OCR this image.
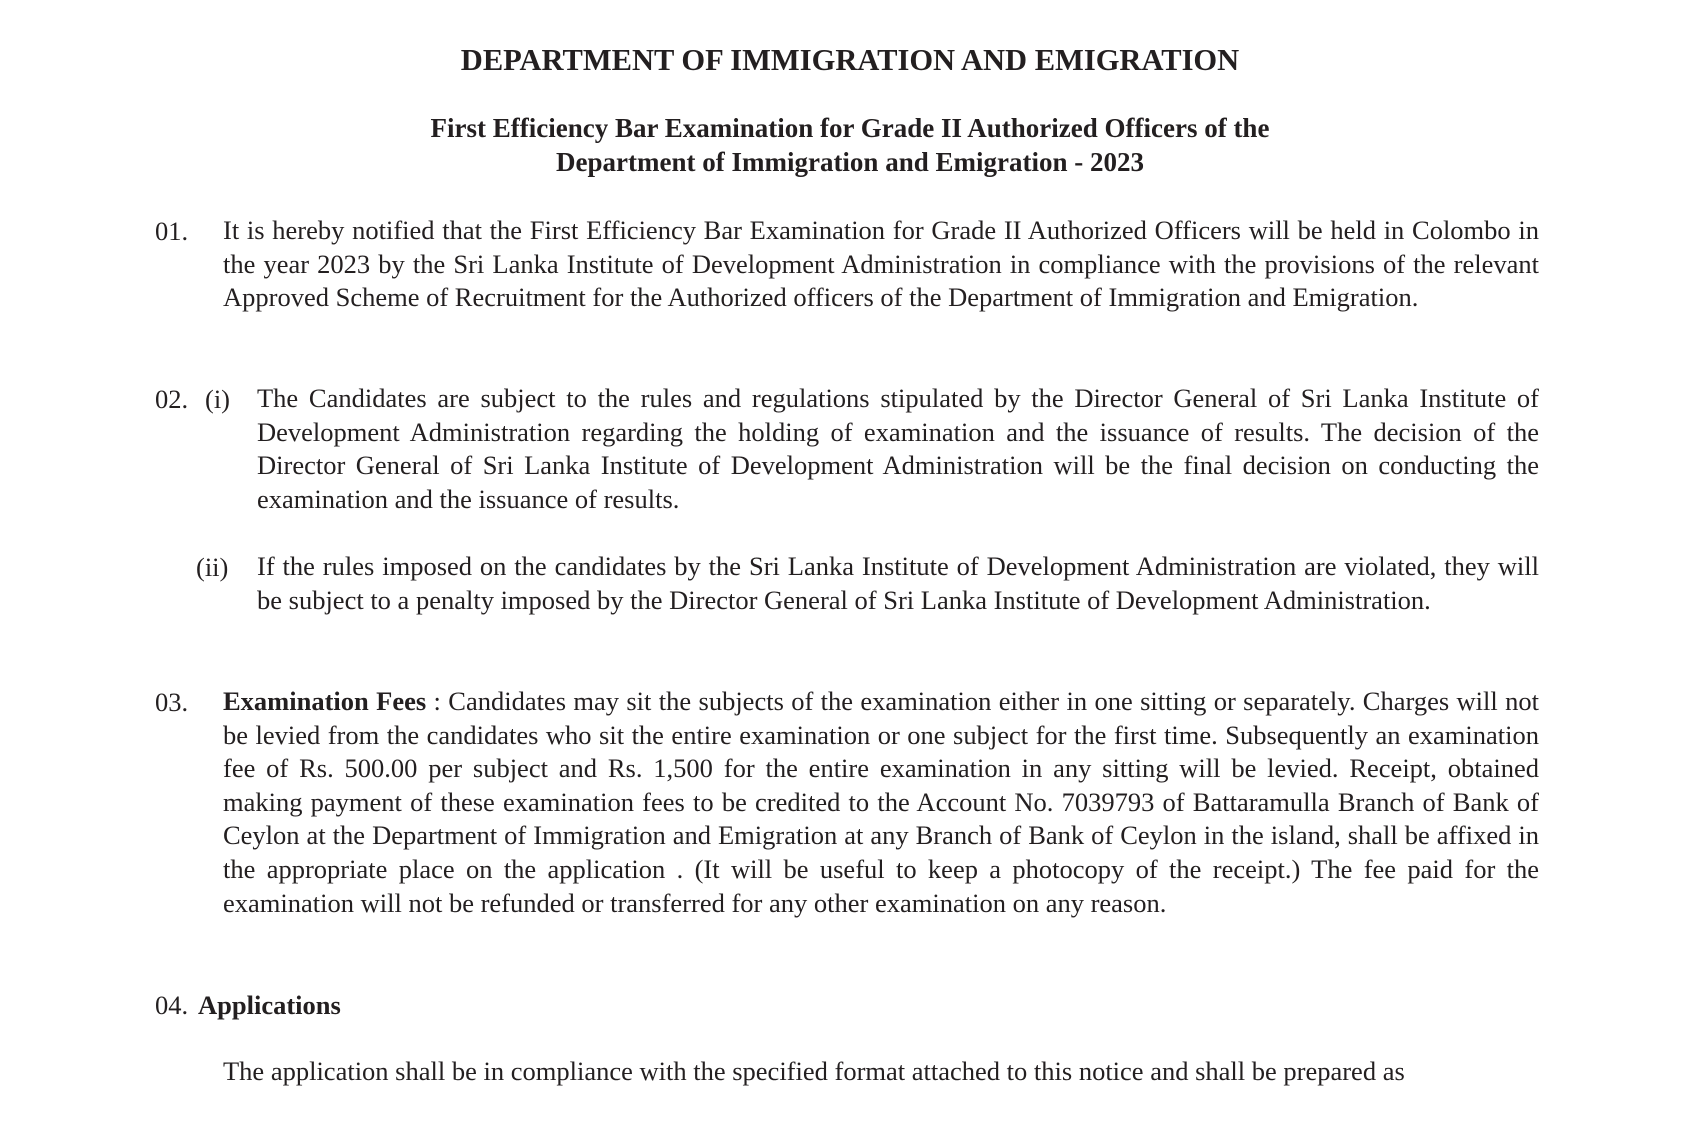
DEPARTMENT OF IMMIGRATION AND EMIGRATION
First Efficiency Bar Examination for Grade II Authorized Officers of the
Department of Immigration and Emigration - 2023
01. It is hereby notified that the First Efficiency Bar Examination for Grade II Authorized Officers will be held in Colombo in the year 2023 by the Sri Lanka Institute of Development Administration in compliance with the provisions of the relevant Approved Scheme of Recruitment for the Authorized officers of the Department of Immigration and Emigration.
02. (i) The Candidates are subject to the rules and regulations stipulated by the Director General of Sri Lanka Institute of Development Administration regarding the holding of examination and the issuance of results. The decision of the Director General of Sri Lanka Institute of Development Administration will be the final decision on conducting the examination and the issuance of results.
(ii) If the rules imposed on the candidates by the Sri Lanka Institute of Development Administration are violated, they will be subject to a penalty imposed by the Director General of Sri Lanka Institute of Development Administration.
03. Examination Fees : Candidates may sit the subjects of the examination either in one sitting or separately. Charges will not be levied from the candidates who sit the entire examination or one subject for the first time. Subsequently an examination fee of Rs. 500.00 per subject and Rs. 1,500 for the entire examination in any sitting will be levied. Receipt, obtained making payment of these examination fees to be credited to the Account No. 7039793 of Battaramulla Branch of Bank of Ceylon at the Department of Immigration and Emigration at any Branch of Bank of Ceylon in the island, shall be affixed in the appropriate place on the application . (It will be useful to keep a photocopy of the receipt.) The fee paid for the examination will not be refunded or transferred for any other examination on any reason.
04. Applications
The application shall be in compliance with the specified format attached to this notice and shall be prepared as
